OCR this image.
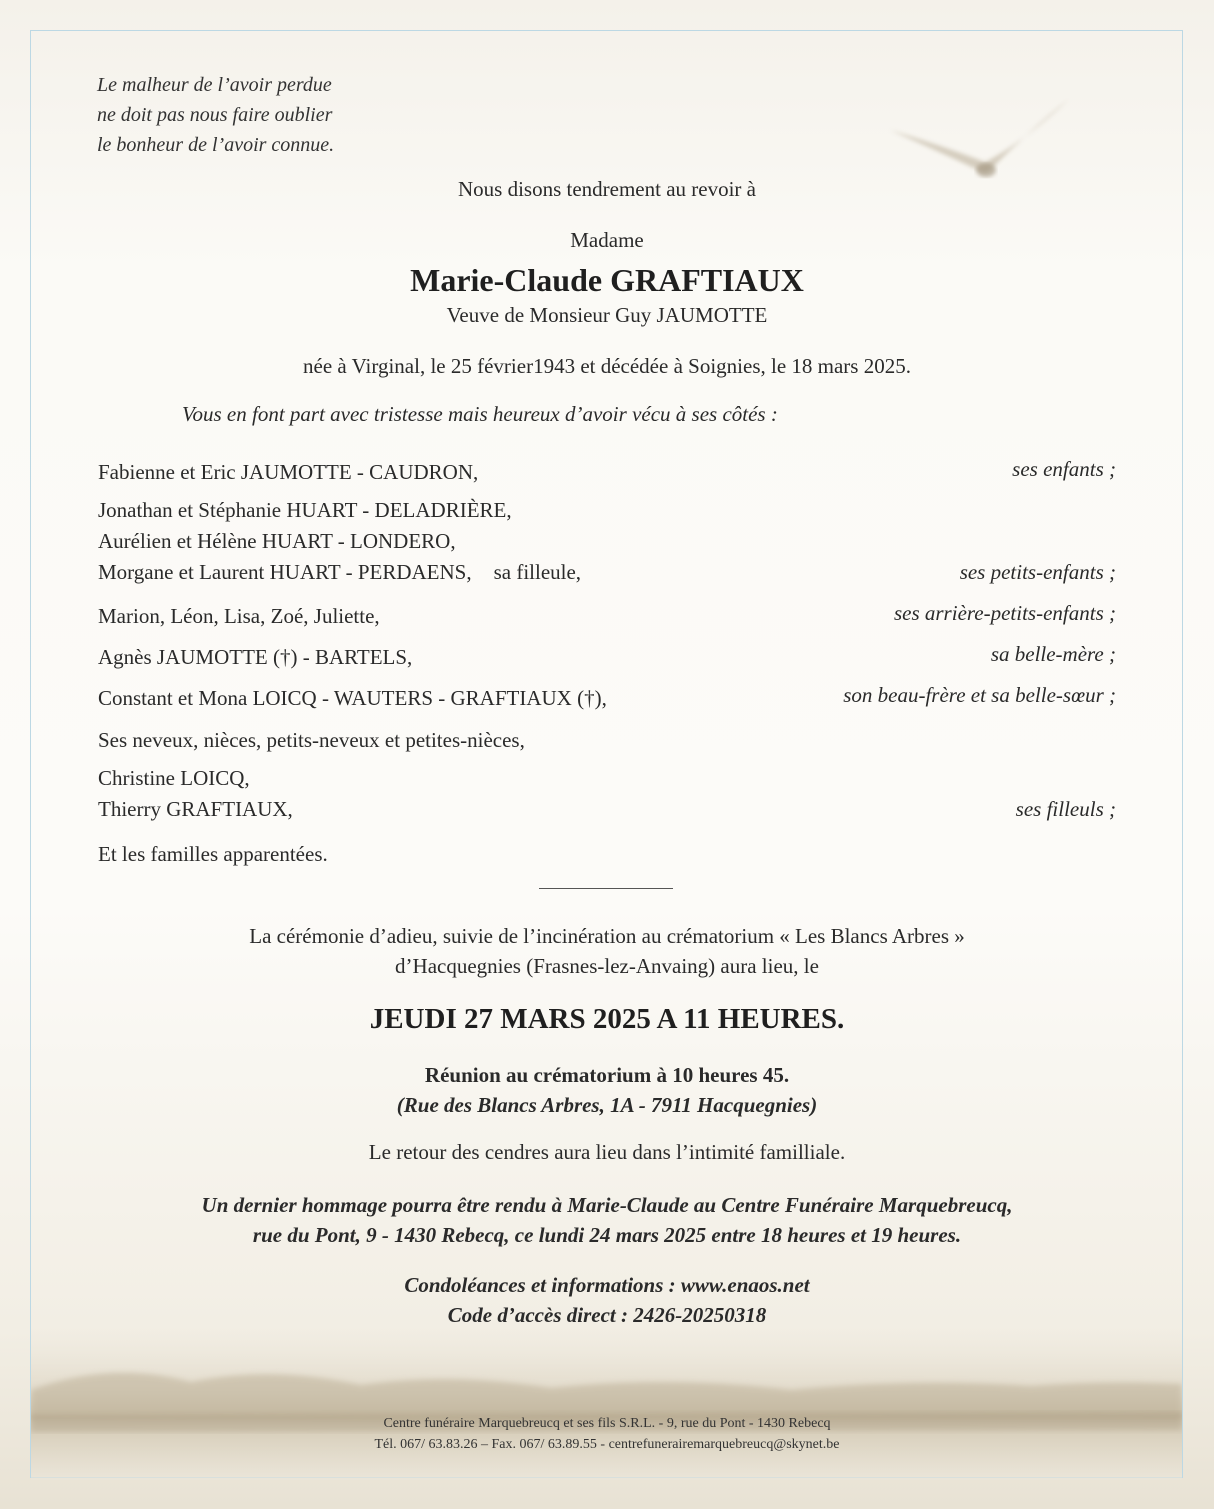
Le malheur de l’avoir perdue
ne doit pas nous faire oublier
le bonheur de l’avoir connue.
Nous disons tendrement au revoir à
Madame
Marie-Claude GRAFTIAUX
Veuve de Monsieur Guy JAUMOTTE
née à Virginal, le 25 février1943 et décédée à Soignies, le 18 mars 2025.
Vous en font part avec tristesse mais heureux d’avoir vécu à ses côtés :
Fabienne et Eric JAUMOTTE - CAUDRON,	ses enfants ;
Jonathan et Stéphanie HUART - DELADRIÈRE,
Aurélien et Hélène HUART - LONDERO,
Morgane et Laurent HUART - PERDAENS, sa filleule,	ses petits-enfants ;
Marion, Léon, Lisa, Zoé, Juliette,	ses arrière-petits-enfants ;
Agnès JAUMOTTE (†) - BARTELS,	sa belle-mère ;
Constant et Mona LOICQ - WAUTERS - GRAFTIAUX (†),	son beau-frère et sa belle-sœur ;
Ses neveux, nièces, petits-neveux et petites-nièces,
Christine LOICQ,
Thierry GRAFTIAUX,	ses filleuls ;
Et les familles apparentées.
La cérémonie d’adieu, suivie de l’incinération au crématorium « Les Blancs Arbres »
d’Hacquegnies (Frasnes-lez-Anvaing) aura lieu, le
JEUDI 27 MARS 2025 A 11 HEURES.
Réunion au crématorium à 10 heures 45.
(Rue des Blancs Arbres, 1A - 7911 Hacquegnies)
Le retour des cendres aura lieu dans l’intimité familliale.
Un dernier hommage pourra être rendu à Marie-Claude au Centre Funéraire Marquebreucq,
rue du Pont, 9 - 1430 Rebecq, ce lundi 24 mars 2025 entre 18 heures et 19 heures.
Condoléances et informations : www.enaos.net
Code d’accès direct : 2426-20250318
Centre funéraire Marquebreucq et ses fils S.R.L. - 9, rue du Pont - 1430 Rebecq
Tél. 067/ 63.83.26 – Fax. 067/ 63.89.55 - centrefunerairemarquebreucq@skynet.be
